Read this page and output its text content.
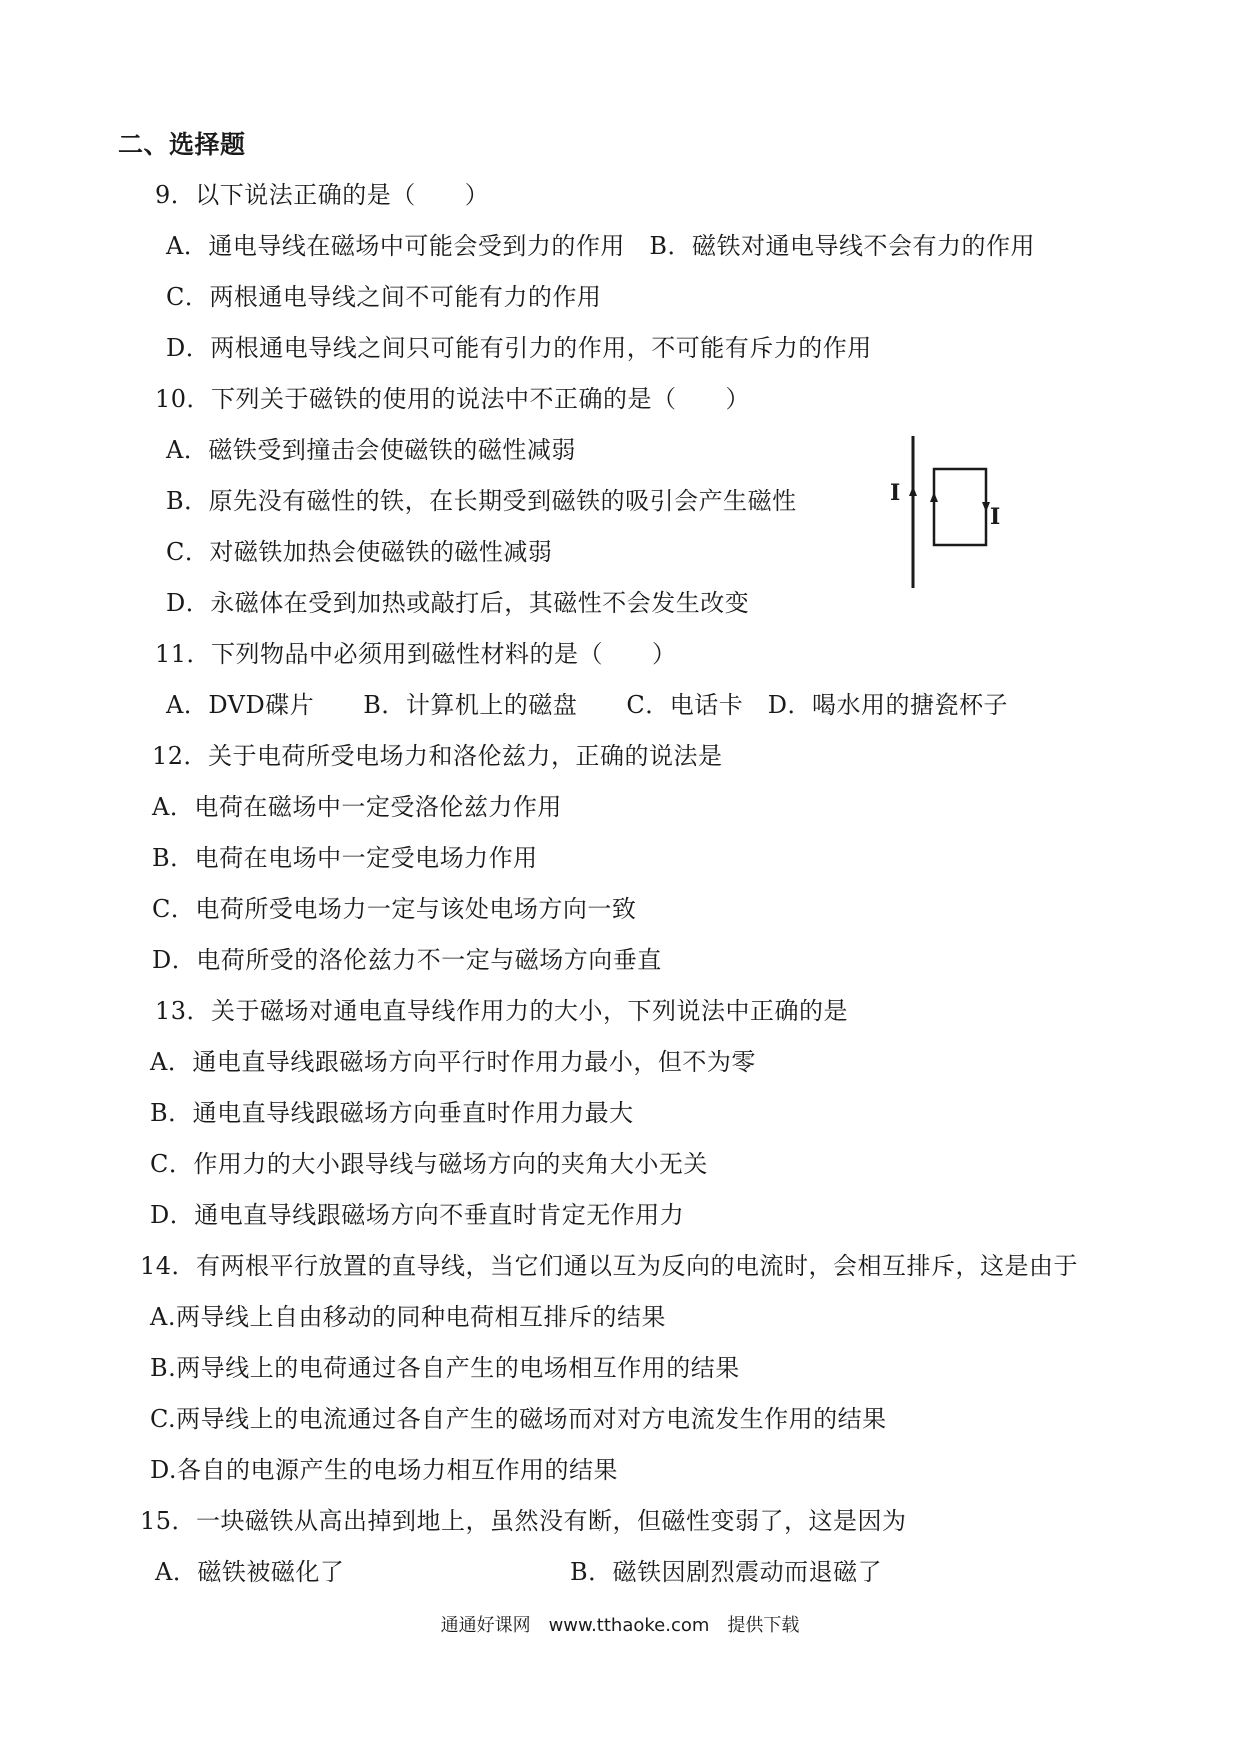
二、选择题
9．以下说法正确的是（　　）
A．通电导线在磁场中可能会受到力的作用　B．磁铁对通电导线不会有力的作用
C．两根通电导线之间不可能有力的作用
D．两根通电导线之间只可能有引力的作用，不可能有斥力的作用
10．下列关于磁铁的使用的说法中不正确的是（　　）
A．磁铁受到撞击会使磁铁的磁性减弱
B．原先没有磁性的铁，在长期受到磁铁的吸引会产生磁性
C．对磁铁加热会使磁铁的磁性减弱
D．永磁体在受到加热或敲打后，其磁性不会发生改变
I
I
11．下列物品中必须用到磁性材料的是（　　）
A．DVD碟片　　B．计算机上的磁盘　　C．电话卡　D．喝水用的搪瓷杯子
12．关于电荷所受电场力和洛伦兹力，正确的说法是
A．电荷在磁场中一定受洛伦兹力作用
B．电荷在电场中一定受电场力作用
C．电荷所受电场力一定与该处电场方向一致
D．电荷所受的洛伦兹力不一定与磁场方向垂直
13．关于磁场对通电直导线作用力的大小，下列说法中正确的是
A．通电直导线跟磁场方向平行时作用力最小，但不为零
B．通电直导线跟磁场方向垂直时作用力最大
C．作用力的大小跟导线与磁场方向的夹角大小无关
D．通电直导线跟磁场方向不垂直时肯定无作用力
14．有两根平行放置的直导线，当它们通以互为反向的电流时，会相互排斥，这是由于
A.两导线上自由移动的同种电荷相互排斥的结果
B.两导线上的电荷通过各自产生的电场相互作用的结果
C.两导线上的电流通过各自产生的磁场而对对方电流发生作用的结果
D.各自的电源产生的电场力相互作用的结果
15．一块磁铁从高出掉到地上，虽然没有断，但磁性变弱了，这是因为
A．磁铁被磁化了	B．磁铁因剧烈震动而退磁了
通通好课网　www.tthaoke.com　提供下载
